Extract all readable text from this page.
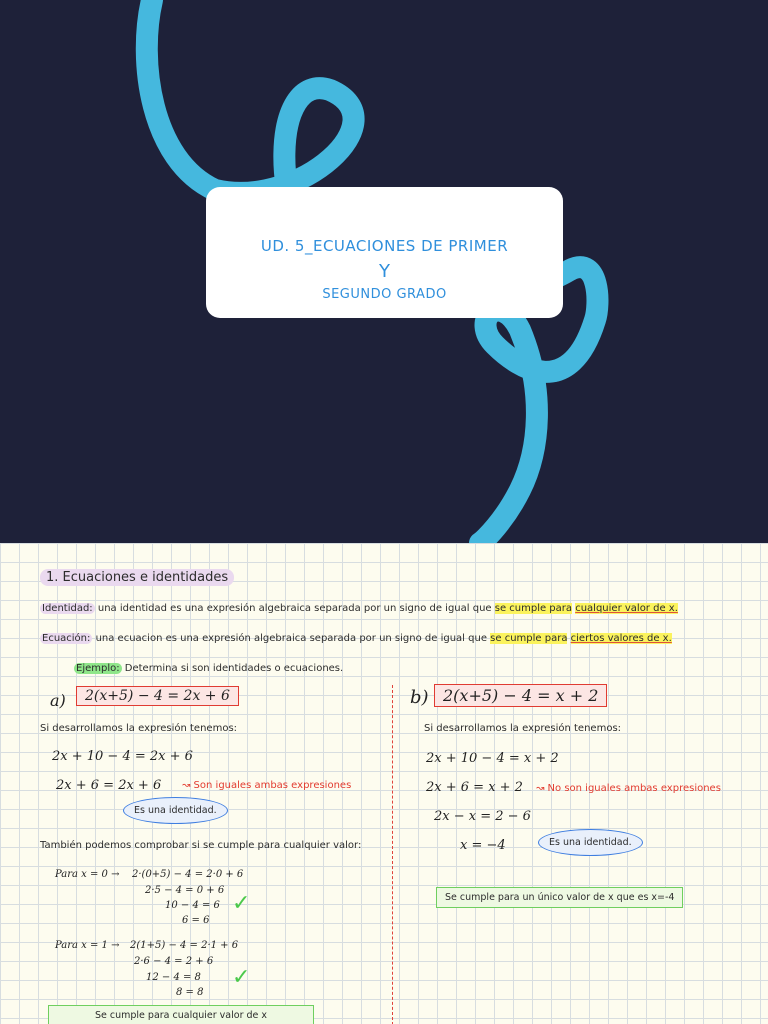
UD. 5_ECUACIONES DE PRIMER
Y
SEGUNDO GRADO
1. Ecuaciones e identidades
Identidad: una identidad es una expresión algebraica separada por un signo de igual que se cumple para cualquier valor de x.
Ecuación: una ecuacion es una expresión algebraica separada por un signo de igual que se cumple para ciertos valores de x.
Ejemplo: Determina si son identidades o ecuaciones.
a)	2(x+5) − 4 = 2x + 6
Si desarrollamos la expresión tenemos:
2x + 10 − 4 = 2x + 6
2x + 6 = 2x + 6 ↝ Son iguales ambas expresiones
Es una identidad.
También podemos comprobar si se cumple para cualquier valor:
Para x = 0 → 2·(0+5) − 4 = 2·0 + 6
2·5 − 4 = 0 + 6
10 − 4 = 6
6 = 6
✓
Para x = 1 → 2(1+5) − 4 = 2·1 + 6
2·6 − 4 = 2 + 6
12 − 4 = 8
8 = 8
✓
Se cumple para cualquier valor de x
b) 2(x+5) − 4 = x + 2
Si desarrollamos la expresión tenemos:
2x + 10 − 4 = x + 2
2x + 6 = x + 2 ↝ No son iguales ambas expresiones
2x − x = 2 − 6
x = −4	Es una identidad.
Se cumple para un único valor de x que es x=-4
